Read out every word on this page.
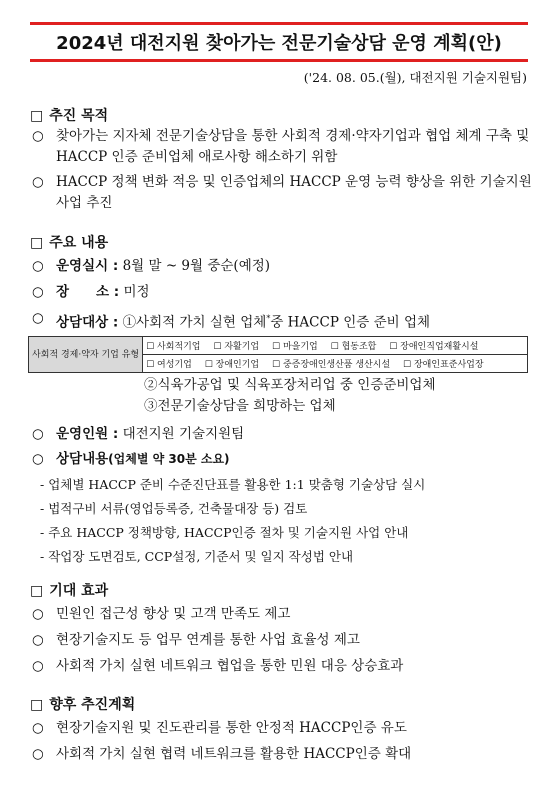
2024년 대전지원 찾아가는 전문기술상담 운영 계획(안)
('24. 08. 05.(월), 대전지원 기술지원팀)
□ 추진 목적
○ 찾아가는 지자체 전문기술상담을 통한 사회적 경제·약자기업과 협업 체계 구축 및 HACCP 인증 준비업체 애로사항 해소하기 위함
○ HACCP 정책 변화 적응 및 인증업체의 HACCP 운영 능력 향상을 위한 기술지원 사업 추진
□ 주요 내용
○ 운영실시 : 8월 말 ~ 9월 중순(예정)
○ 장　　소 : 미정
○ 상담대상 : ①사회적 가치 실현 업체*중 HACCP 인증 준비 업체
사회적 경제·약자 기업 유형	☐ 사회적기업 ☐ 자활기업 ☐ 마을기업 ☐ 협동조합 ☐ 장애인직업재활시설
☐ 여성기업 ☐ 장애인기업 ☐ 중증장애인생산품 생산시설 ☐ 장애인표준사업장
②식육가공업 및 식육포장처리업 중 인증준비업체
③전문기술상담을 희망하는 업체
○ 운영인원 : 대전지원 기술지원팀
○ 상담내용(업체별 약 30분 소요)
- 업체별 HACCP 준비 수준진단표를 활용한 1:1 맞춤형 기술상담 실시
- 법적구비 서류(영업등록증, 건축물대장 등) 검토
- 주요 HACCP 정책방향, HACCP인증 절차 및 기술지원 사업 안내
- 작업장 도면검토, CCP설정, 기준서 및 일지 작성법 안내
□ 기대 효과
○ 민원인 접근성 향상 및 고객 만족도 제고
○ 현장기술지도 등 업무 연계를 통한 사업 효율성 제고
○ 사회적 가치 실현 네트워크 협업을 통한 민원 대응 상승효과
□ 향후 추진계획
○ 현장기술지원 및 진도관리를 통한 안정적 HACCP인증 유도
○ 사회적 가치 실현 협력 네트워크를 활용한 HACCP인증 확대
